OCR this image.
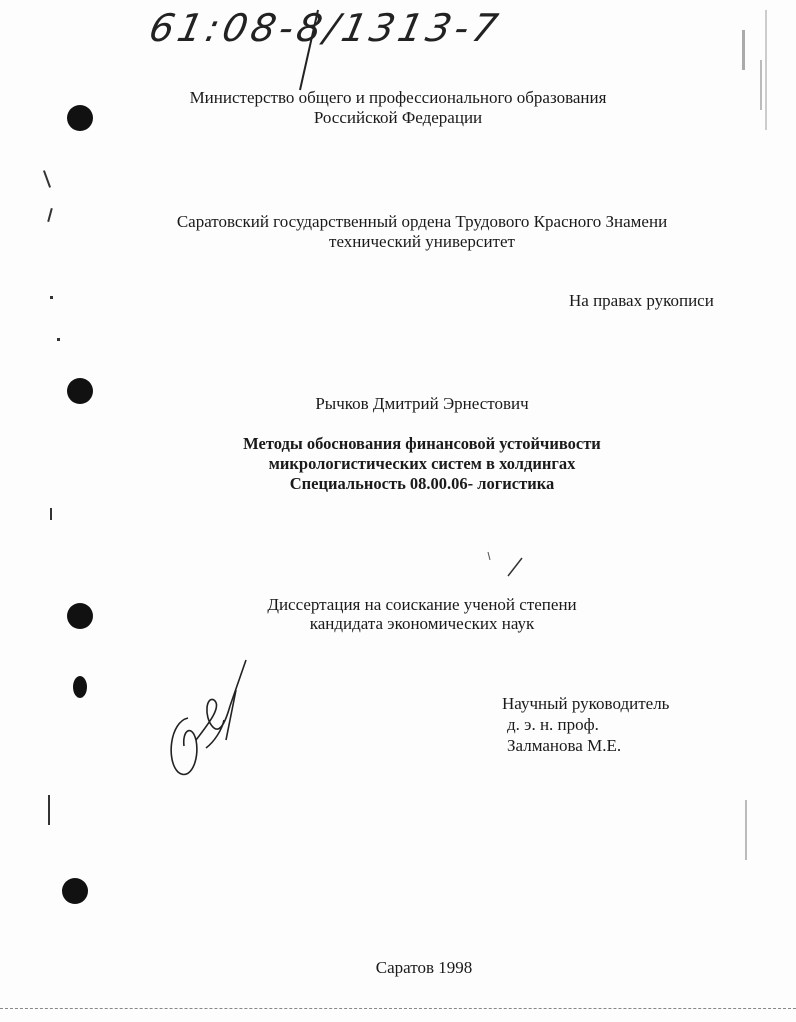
61:08-8/1313-7
Министерство общего и профессионального образования
Российской Федерации
Саратовский государственный ордена Трудового Красного Знамени
технический университет
На правах рукописи
Рычков Дмитрий Эрнестович
Методы обоснования финансовой устойчивости
микрологистических систем в холдингах
Специальность 08.00.06- логистика
Диссертация на соискание ученой степени
кандидата экономических наук
Научный руководитель
д. э. н. проф.
Залманова М.Е.
Саратов 1998
